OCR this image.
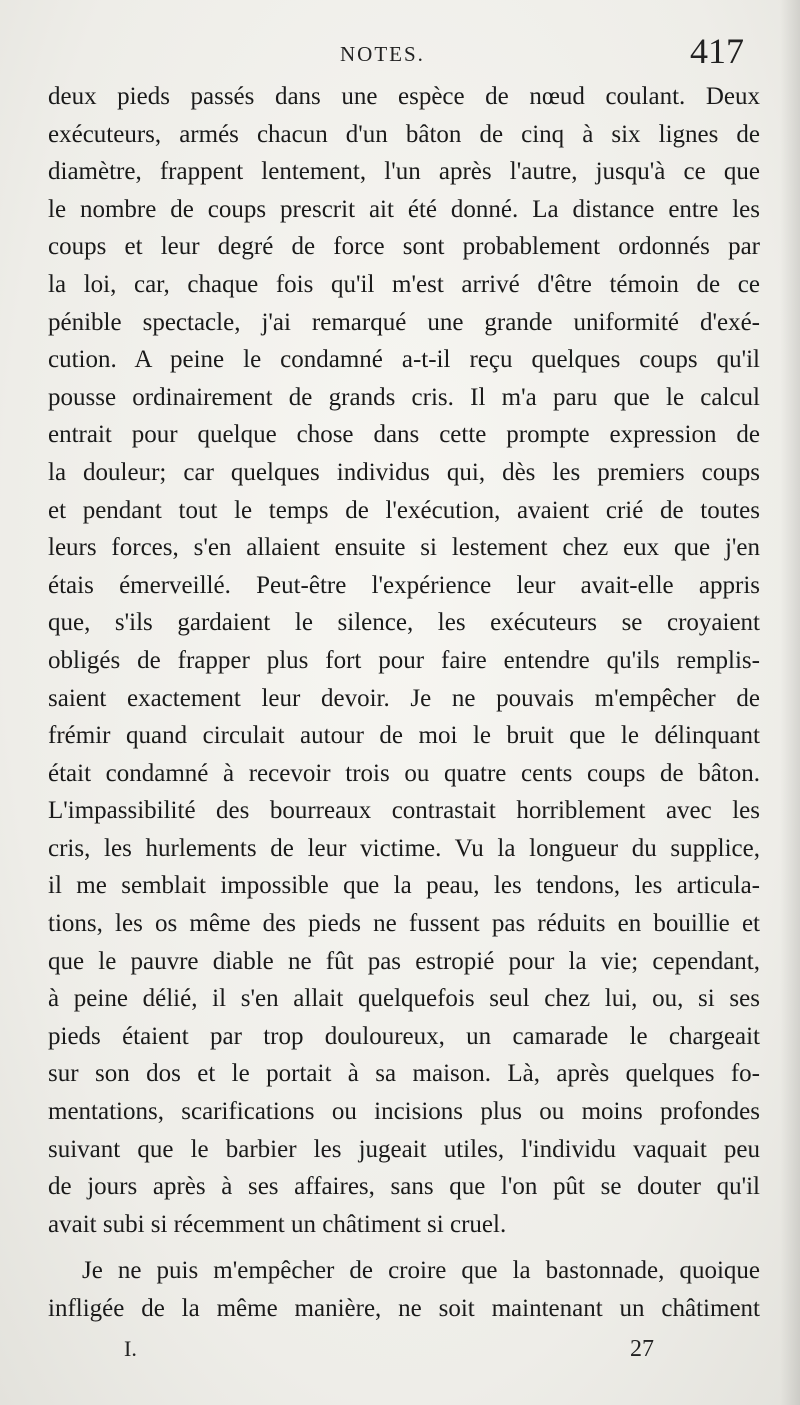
NOTES.	417
deux pieds passés dans une espèce de nœud coulant. Deux
exécuteurs, armés chacun d'un bâton de cinq à six lignes de
diamètre, frappent lentement, l'un après l'autre, jusqu'à ce que
le nombre de coups prescrit ait été donné. La distance entre les
coups et leur degré de force sont probablement ordonnés par
la loi, car, chaque fois qu'il m'est arrivé d'être témoin de ce
pénible spectacle, j'ai remarqué une grande uniformité d'exé-
cution. A peine le condamné a-t-il reçu quelques coups qu'il
pousse ordinairement de grands cris. Il m'a paru que le calcul
entrait pour quelque chose dans cette prompte expression de
la douleur; car quelques individus qui, dès les premiers coups
et pendant tout le temps de l'exécution, avaient crié de toutes
leurs forces, s'en allaient ensuite si lestement chez eux que j'en
étais émerveillé. Peut-être l'expérience leur avait-elle appris
que, s'ils gardaient le silence, les exécuteurs se croyaient
obligés de frapper plus fort pour faire entendre qu'ils remplis-
saient exactement leur devoir. Je ne pouvais m'empêcher de
frémir quand circulait autour de moi le bruit que le délinquant
était condamné à recevoir trois ou quatre cents coups de bâton.
L'impassibilité des bourreaux contrastait horriblement avec les
cris, les hurlements de leur victime. Vu la longueur du supplice,
il me semblait impossible que la peau, les tendons, les articula-
tions, les os même des pieds ne fussent pas réduits en bouillie et
que le pauvre diable ne fût pas estropié pour la vie; cependant,
à peine délié, il s'en allait quelquefois seul chez lui, ou, si ses
pieds étaient par trop douloureux, un camarade le chargeait
sur son dos et le portait à sa maison. Là, après quelques fo-
mentations, scarifications ou incisions plus ou moins profondes
suivant que le barbier les jugeait utiles, l'individu vaquait peu
de jours après à ses affaires, sans que l'on pût se douter qu'il
avait subi si récemment un châtiment si cruel.
Je ne puis m'empêcher de croire que la bastonnade, quoique
infligée de la même manière, ne soit maintenant un châtiment
I.	27
